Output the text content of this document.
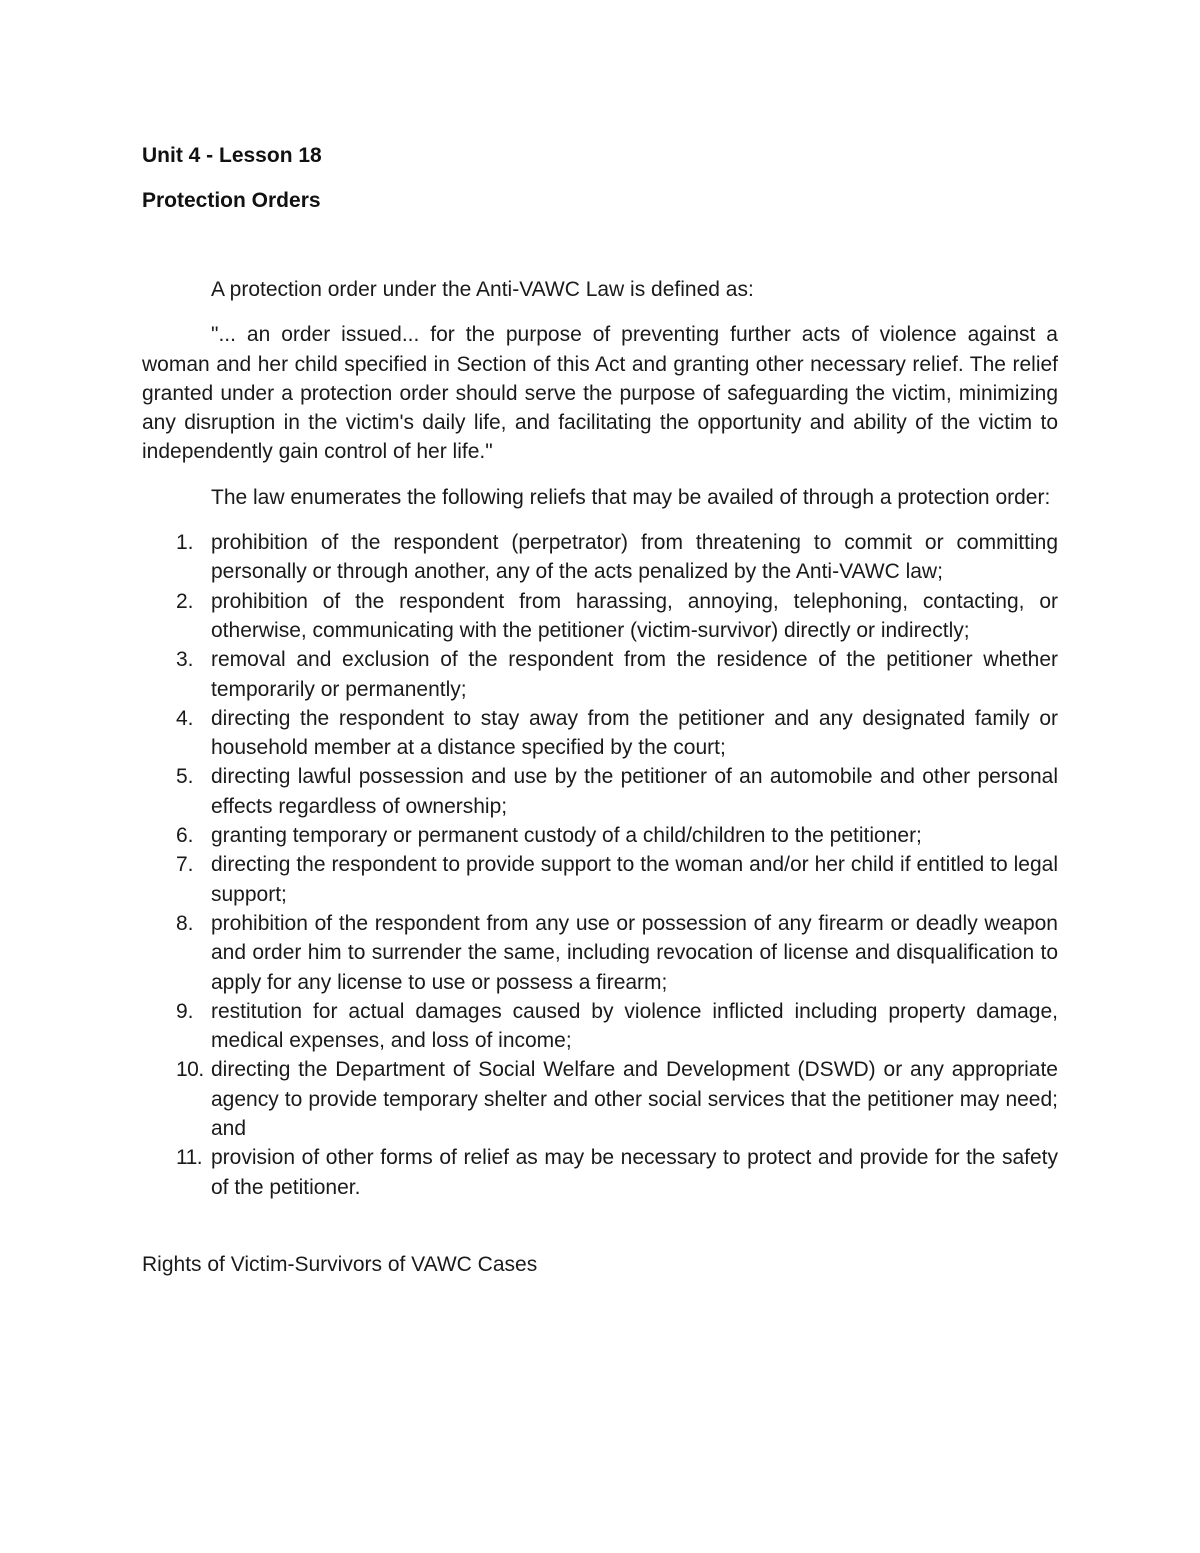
Unit 4 - Lesson 18

Protection Orders

A protection order under the Anti-VAWC Law is defined as:

"... an order issued... for the purpose of preventing further acts of violence against a woman and her child specified in Section of this Act and granting other necessary relief. The relief granted under a protection order should serve the purpose of safeguarding the victim, minimizing any disruption in the victim's daily life, and facilitating the opportunity and ability of the victim to independently gain control of her life."

The law enumerates the following reliefs that may be availed of through a protection order:

1. prohibition of the respondent (perpetrator) from threatening to commit or committing personally or through another, any of the acts penalized by the Anti-VAWC law;
2. prohibition of the respondent from harassing, annoying, telephoning, contacting, or otherwise, communicating with the petitioner (victim-survivor) directly or indirectly;
3. removal and exclusion of the respondent from the residence of the petitioner whether temporarily or permanently;
4. directing the respondent to stay away from the petitioner and any designated family or household member at a distance specified by the court;
5. directing lawful possession and use by the petitioner of an automobile and other personal effects regardless of ownership;
6. granting temporary or permanent custody of a child/children to the petitioner;
7. directing the respondent to provide support to the woman and/or her child if entitled to legal support;
8. prohibition of the respondent from any use or possession of any firearm or deadly weapon and order him to surrender the same, including revocation of license and disqualification to apply for any license to use or possess a firearm;
9. restitution for actual damages caused by violence inflicted including property damage, medical expenses, and loss of income;
10. directing the Department of Social Welfare and Development (DSWD) or any appropriate agency to provide temporary shelter and other social services that the petitioner may need; and
11. provision of other forms of relief as may be necessary to protect and provide for the safety of the petitioner.

Rights of Victim-Survivors of VAWC Cases
